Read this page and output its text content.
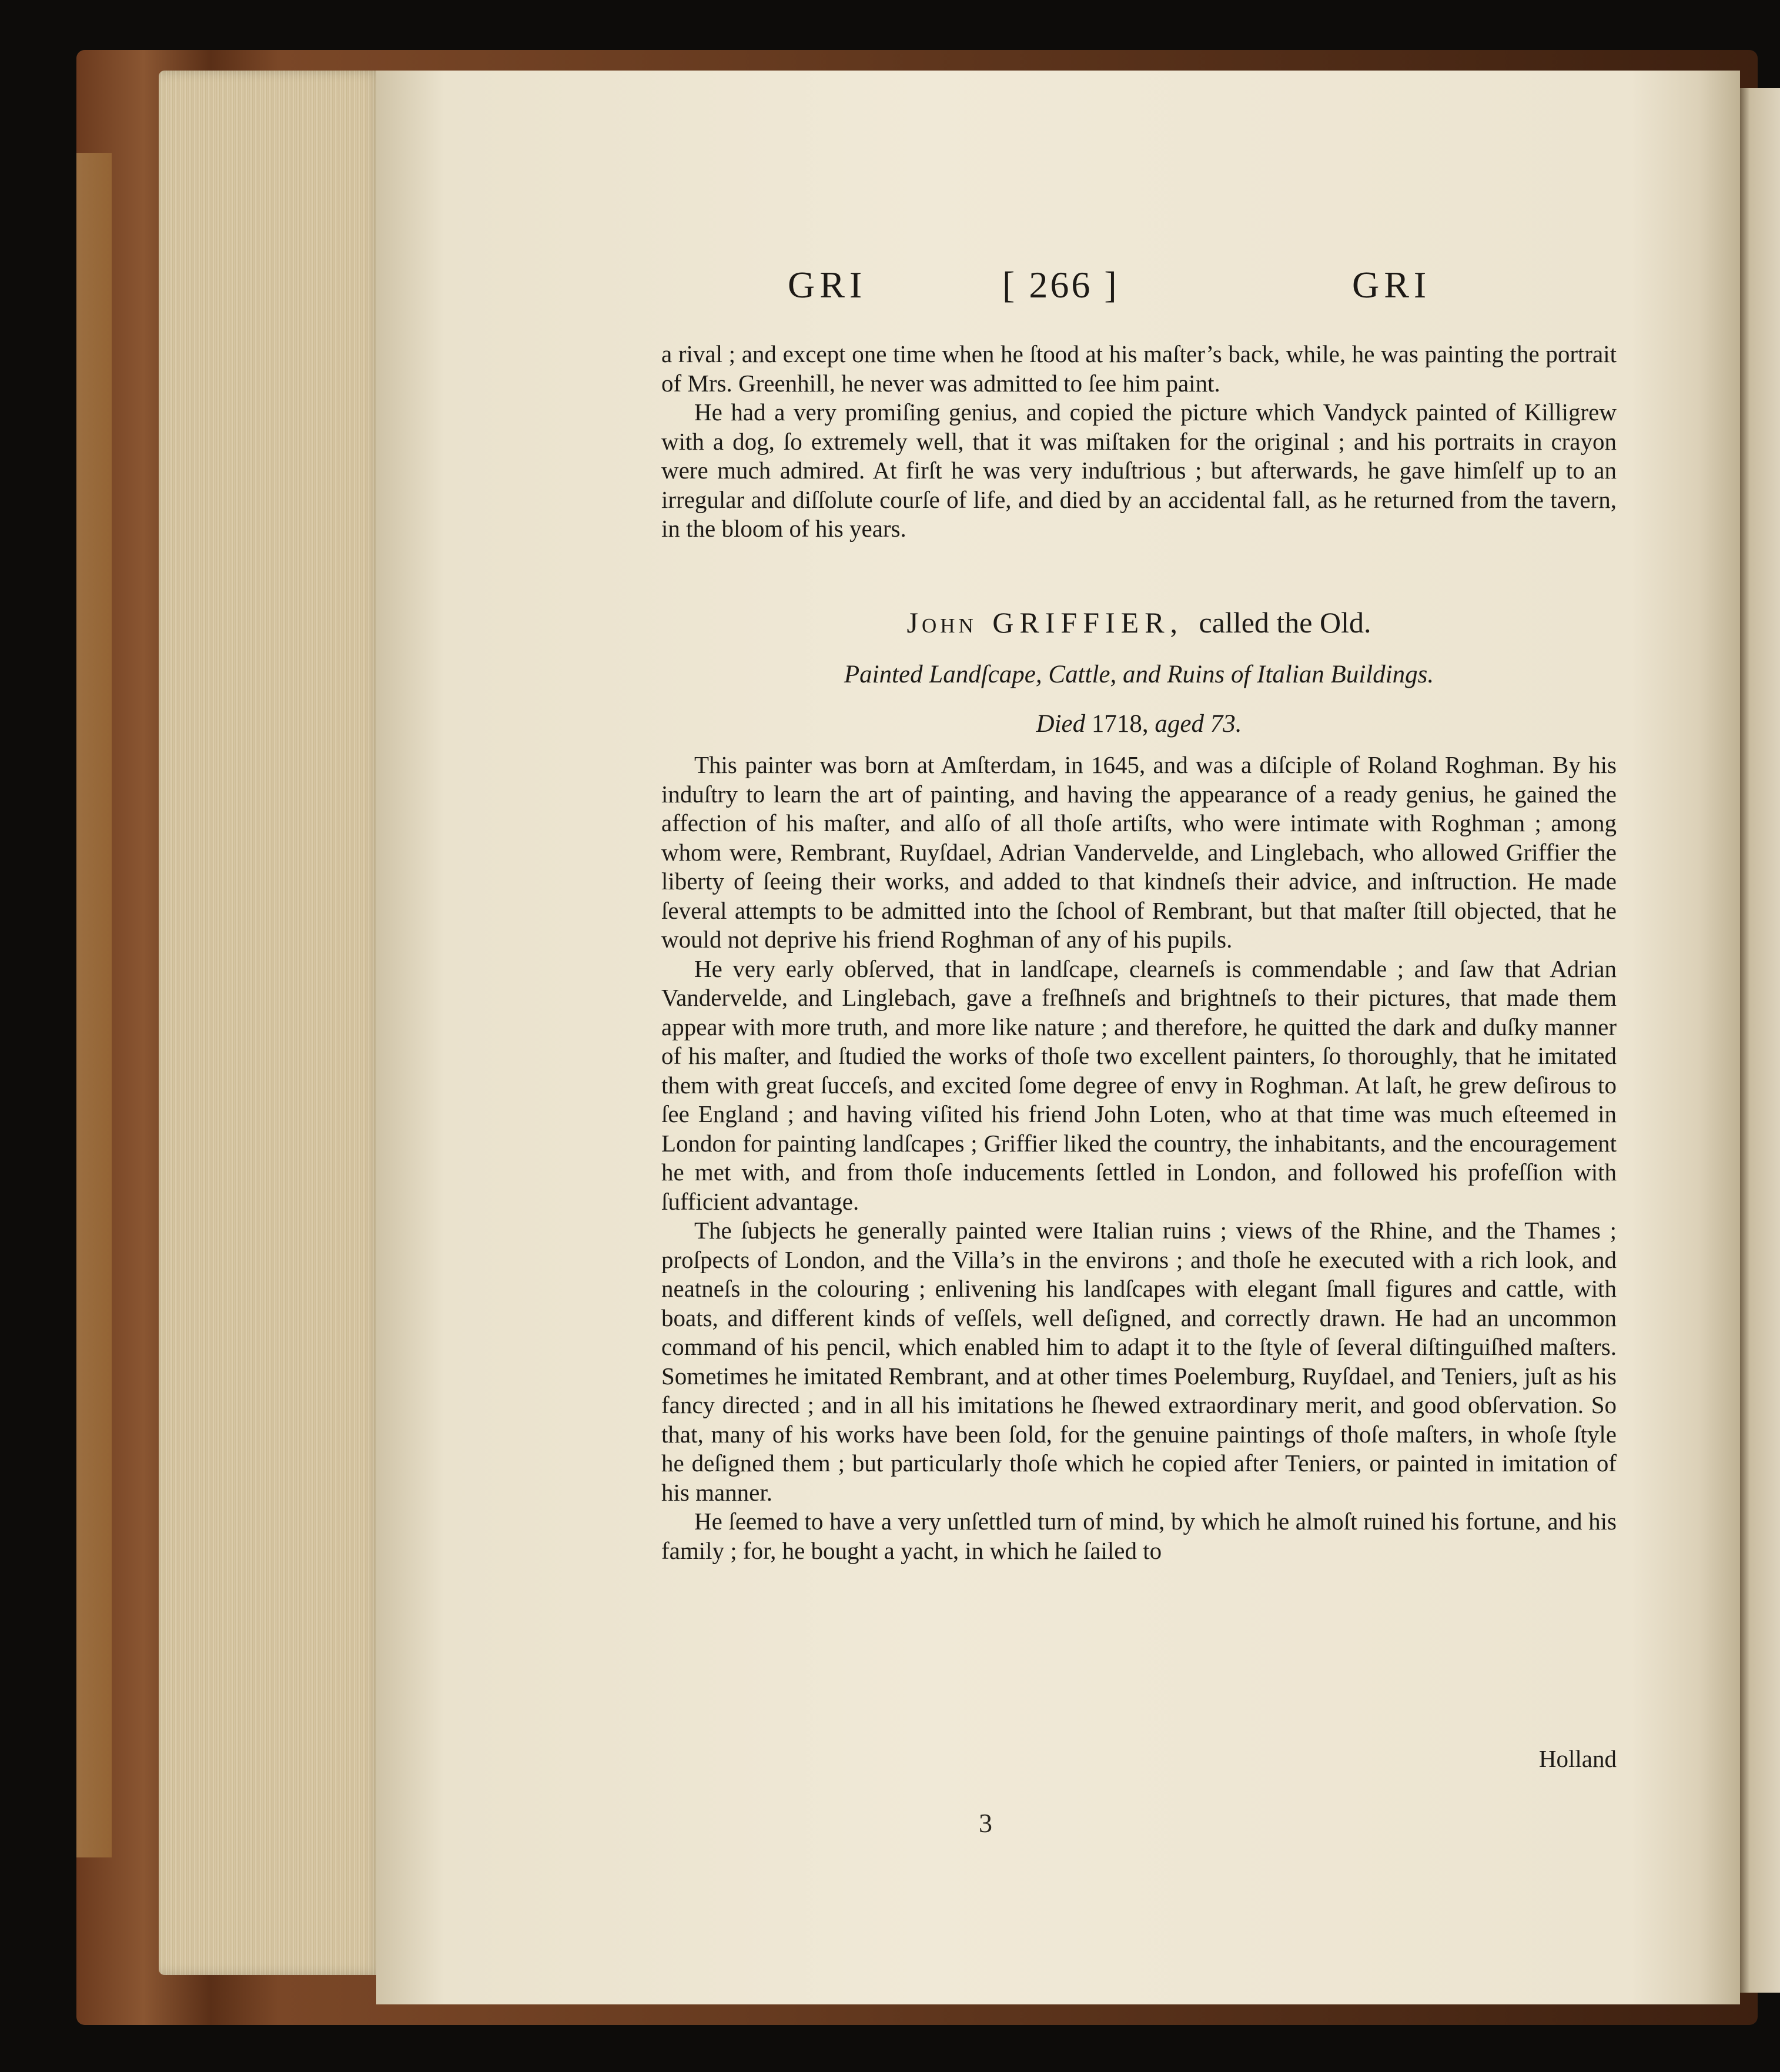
GRI	[ 266 ]	GRI

a rival ; and except one time when he ſtood at his maſter’s back, while, he was painting the portrait of Mrs. Greenhill, he never was admitted to ſee him paint.

He had a very promiſing genius, and copied the picture which Vandyck painted of Killigrew with a dog, ſo extremely well, that it was miſtaken for the original ; and his portraits in crayon were much admired. At firſt he was very induſtrious ; but afterwards, he gave himſelf up to an irregular and diſſolute courſe of life, and died by an accidental fall, as he returned from the tavern, in the bloom of his years.

John GRIFFIER, called the Old.
Painted Landſcape, Cattle, and Ruins of Italian Buildings.
Died 1718, aged 73.

This painter was born at Amſterdam, in 1645, and was a diſciple of Roland Roghman. By his induſtry to learn the art of painting, and having the appearance of a ready genius, he gained the affection of his maſter, and alſo of all thoſe artiſts, who were intimate with Roghman ; among whom were, Rembrant, Ruyſdael, Adrian Vandervelde, and Linglebach, who allowed Griffier the liberty of ſeeing their works, and added to that kindneſs their advice, and inſtruction. He made ſeveral attempts to be admitted into the ſchool of Rembrant, but that maſter ſtill objected, that he would not deprive his friend Roghman of any of his pupils.

He very early obſerved, that in landſcape, clearneſs is commendable ; and ſaw that Adrian Vandervelde, and Linglebach, gave a freſhneſs and brightneſs to their pictures, that made them appear with more truth, and more like nature ; and therefore, he quitted the dark and duſky manner of his maſter, and ſtudied the works of thoſe two excellent painters, ſo thoroughly, that he imitated them with great ſucceſs, and excited ſome degree of envy in Roghman. At laſt, he grew deſirous to ſee England ; and having viſited his friend John Loten, who at that time was much eſteemed in London for painting landſcapes ; Griffier liked the country, the inhabitants, and the encouragement he met with, and from thoſe inducements ſettled in London, and followed his profeſſion with ſufficient advantage.

The ſubjects he generally painted were Italian ruins ; views of the Rhine, and the Thames ; proſpects of London, and the Villa’s in the environs ; and thoſe he executed with a rich look, and neatneſs in the colouring ; enlivening his landſcapes with elegant ſmall figures and cattle, with boats, and different kinds of veſſels, well deſigned, and correctly drawn. He had an uncommon command of his pencil, which enabled him to adapt it to the ſtyle of ſeveral diſtinguiſhed maſters. Sometimes he imitated Rembrant, and at other times Poelemburg, Ruyſdael, and Teniers, juſt as his fancy directed ; and in all his imitations he ſhewed extraordinary merit, and good obſervation. So that, many of his works have been ſold, for the genuine paintings of thoſe maſters, in whoſe ſtyle he deſigned them ; but particularly thoſe which he copied after Teniers, or painted in imitation of his manner.

He ſeemed to have a very unſettled turn of mind, by which he almoſt ruined his fortune, and his family ; for, he bought a yacht, in which he ſailed to

Holland
3
